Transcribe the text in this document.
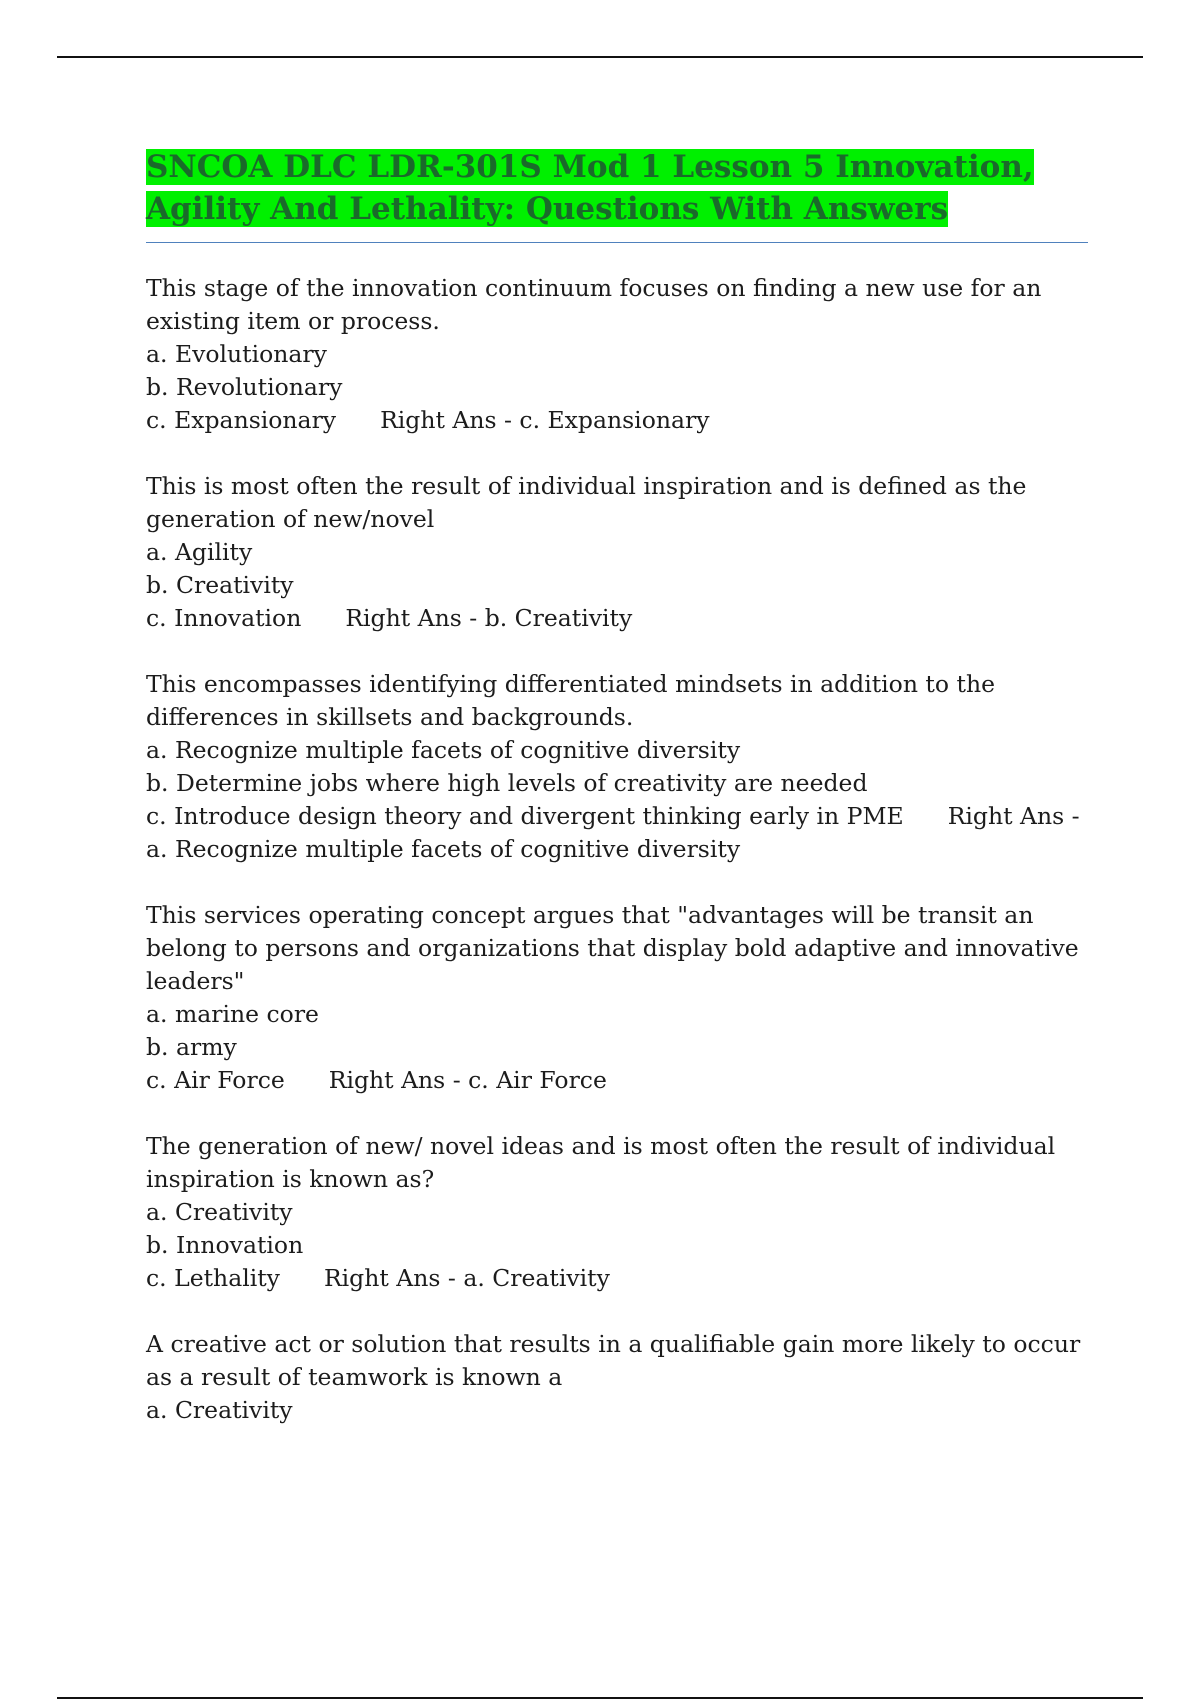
SNCOA DLC LDR-301S Mod 1 Lesson 5 Innovation, Agility And Lethality: Questions With Answers
This stage of the innovation continuum focuses on finding a new use for an existing item or process.
a. Evolutionary
b. Revolutionary
c. Expansionary Right Ans - c. Expansionary
This is most often the result of individual inspiration and is defined as the generation of new/novel
a. Agility
b. Creativity
c. Innovation Right Ans - b. Creativity
This encompasses identifying differentiated mindsets in addition to the differences in skillsets and backgrounds.
a. Recognize multiple facets of cognitive diversity
b. Determine jobs where high levels of creativity are needed
c. Introduce design theory and divergent thinking early in PME Right Ans - a. Recognize multiple facets of cognitive diversity
This services operating concept argues that "advantages will be transit an belong to persons and organizations that display bold adaptive and innovative leaders"
a. marine core
b. army
c. Air Force Right Ans - c. Air Force
The generation of new/ novel ideas and is most often the result of individual inspiration is known as?
a. Creativity
b. Innovation
c. Lethality Right Ans - a. Creativity
A creative act or solution that results in a qualifiable gain more likely to occur as a result of teamwork is known a
a. Creativity
